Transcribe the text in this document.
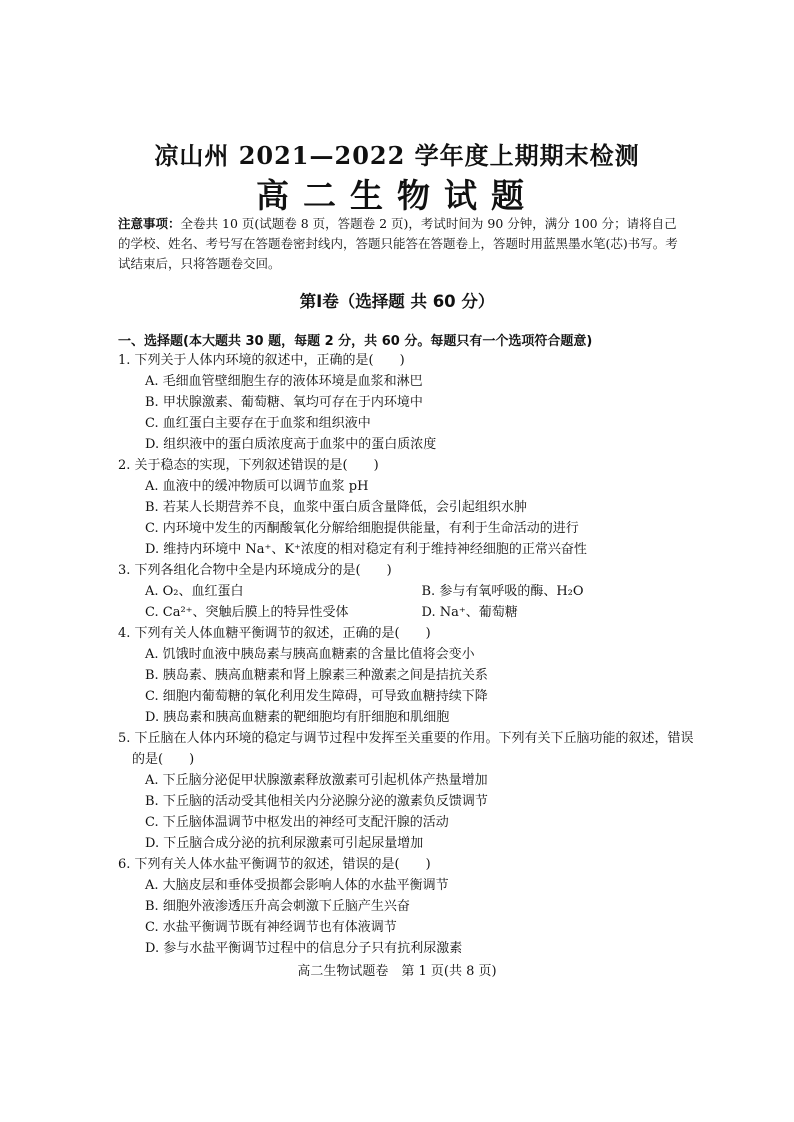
凉山州 2021—2022 学年度上期期末检测
高二生物试题
注意事项：全卷共 10 页(试题卷 8 页，答题卷 2 页)，考试时间为 90 分钟，满分 100 分；请将自己的学校、姓名、考号写在答题卷密封线内，答题只能答在答题卷上，答题时用蓝黑墨水笔(芯)书写。考试结束后，只将答题卷交回。
第Ⅰ卷（选择题 共 60 分）
一、选择题(本大题共 30 题，每题 2 分，共 60 分。每题只有一个选项符合题意)
1. 下列关于人体内环境的叙述中，正确的是(　　)
A. 毛细血管壁细胞生存的液体环境是血浆和淋巴
B. 甲状腺激素、葡萄糖、氧均可存在于内环境中
C. 血红蛋白主要存在于血浆和组织液中
D. 组织液中的蛋白质浓度高于血浆中的蛋白质浓度
2. 关于稳态的实现，下列叙述错误的是(　　)
A. 血液中的缓冲物质可以调节血浆 pH
B. 若某人长期营养不良，血浆中蛋白质含量降低，会引起组织水肿
C. 内环境中发生的丙酮酸氧化分解给细胞提供能量，有利于生命活动的进行
D. 维持内环境中 Na⁺、K⁺浓度的相对稳定有利于维持神经细胞的正常兴奋性
3. 下列各组化合物中全是内环境成分的是(　　)
A. O₂、血红蛋白	B. 参与有氧呼吸的酶、H₂O
C. Ca²⁺、突触后膜上的特异性受体	D. Na⁺、葡萄糖
4. 下列有关人体血糖平衡调节的叙述，正确的是(　　)
A. 饥饿时血液中胰岛素与胰高血糖素的含量比值将会变小
B. 胰岛素、胰高血糖素和肾上腺素三种激素之间是拮抗关系
C. 细胞内葡萄糖的氧化利用发生障碍，可导致血糖持续下降
D. 胰岛素和胰高血糖素的靶细胞均有肝细胞和肌细胞
5. 下丘脑在人体内环境的稳定与调节过程中发挥至关重要的作用。下列有关下丘脑功能的叙述，错误的是(　　)
A. 下丘脑分泌促甲状腺激素释放激素可引起机体产热量增加
B. 下丘脑的活动受其他相关内分泌腺分泌的激素负反馈调节
C. 下丘脑体温调节中枢发出的神经可支配汗腺的活动
D. 下丘脑合成分泌的抗利尿激素可引起尿量增加
6. 下列有关人体水盐平衡调节的叙述，错误的是(　　)
A. 大脑皮层和垂体受损都会影响人体的水盐平衡调节
B. 细胞外液渗透压升高会刺激下丘脑产生兴奋
C. 水盐平衡调节既有神经调节也有体液调节
D. 参与水盐平衡调节过程中的信息分子只有抗利尿激素
高二生物试题卷　第 1 页(共 8 页)
